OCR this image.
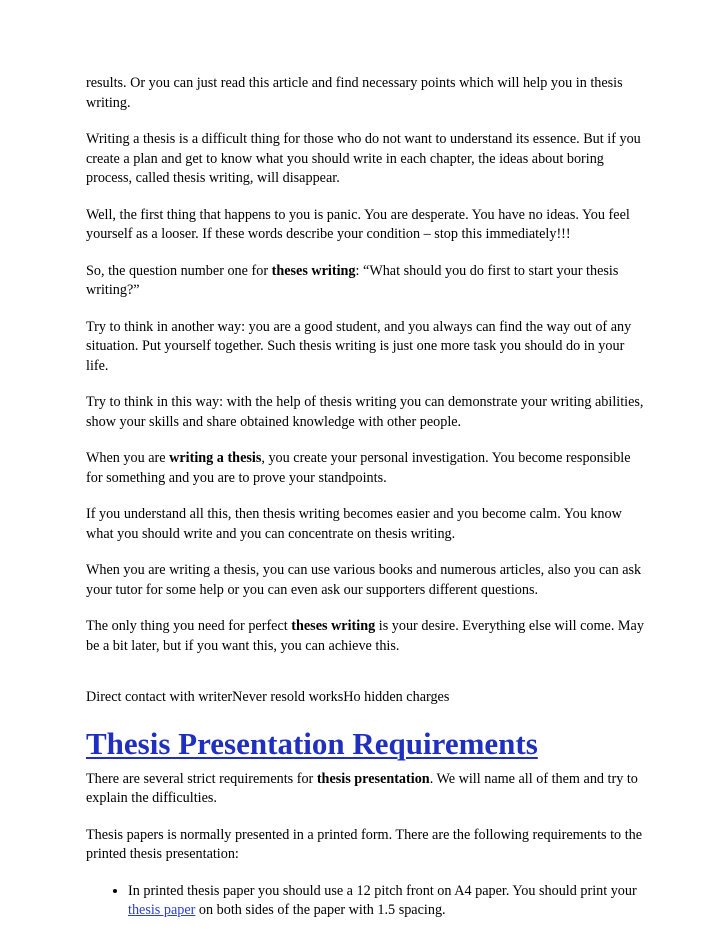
results. Or you can just read this article and find necessary points which will help you in thesis writing.

Writing a thesis is a difficult thing for those who do not want to understand its essence. But if you create a plan and get to know what you should write in each chapter, the ideas about boring process, called thesis writing, will disappear.

Well, the first thing that happens to you is panic. You are desperate. You have no ideas. You feel yourself as a looser. If these words describe your condition – stop this immediately!!!

So, the question number one for theses writing: “What should you do first to start your thesis writing?”

Try to think in another way: you are a good student, and you always can find the way out of any situation. Put yourself together. Such thesis writing is just one more task you should do in your life.

Try to think in this way: with the help of thesis writing you can demonstrate your writing abilities, show your skills and share obtained knowledge with other people.

When you are writing a thesis, you create your personal investigation. You become responsible for something and you are to prove your standpoints.

If you understand all this, then thesis writing becomes easier and you become calm. You know what you should write and you can concentrate on thesis writing.

When you are writing a thesis, you can use various books and numerous articles, also you can ask your tutor for some help or you can even ask our supporters different questions.

The only thing you need for perfect theses writing is your desire. Everything else will come. May be a bit later, but if you want this, you can achieve this.

Direct contact with writerNever resold worksHo hidden charges

Thesis Presentation Requirements

There are several strict requirements for thesis presentation. We will name all of them and try to explain the difficulties.

Thesis papers is normally presented in a printed form. There are the following requirements to the printed thesis presentation:

• In printed thesis paper you should use a 12 pitch front on A4 paper. You should print your thesis paper on both sides of the paper with 1.5 spacing.
